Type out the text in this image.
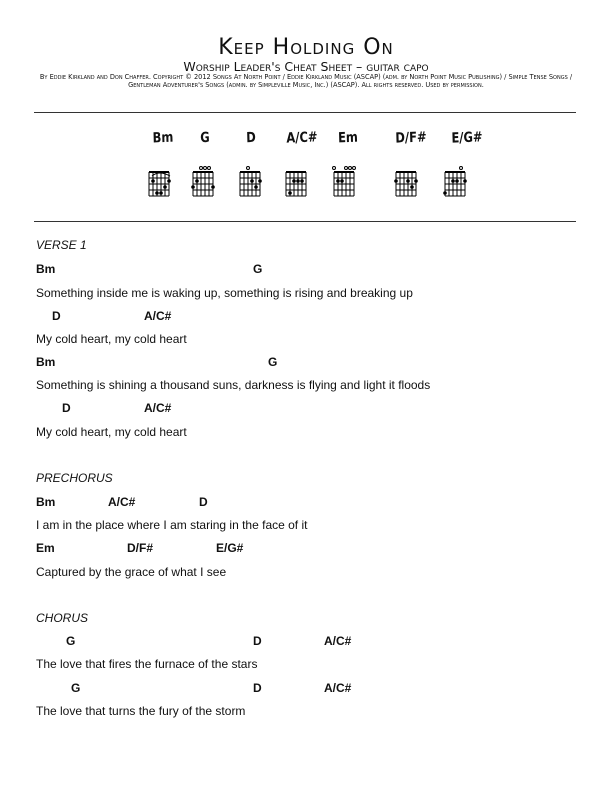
Keep Holding On
Worship Leader's Cheat Sheet – guitar capo
By Eddie Kirkland and Don Chaffer. Copyright © 2012 Songs At North Point / Eddie Kirkland Music (ASCAP) (adm. by North Point Music Publishing) / Simple Tense Songs / Gentleman Adventurer's Songs (admin. by Simpleville Music, Inc.) (ASCAP). All rights reserved. Used by permission.
Bm	G	D	A/C#	Em	D/F#	E/G#
VERSE 1
Bm	G
Something inside me is waking up, something is rising and breaking up
D	A/C#
My cold heart, my cold heart
Bm	G
Something is shining a thousand suns, darkness is flying and light it floods
D	A/C#
My cold heart, my cold heart
PRECHORUS
Bm	A/C#	D
I am in the place where I am staring in the face of it
Em	D/F#	E/G#
Captured by the grace of what I see
CHORUS
G	D	A/C#
The love that fires the furnace of the stars
G	D	A/C#
The love that turns the fury of the storm
